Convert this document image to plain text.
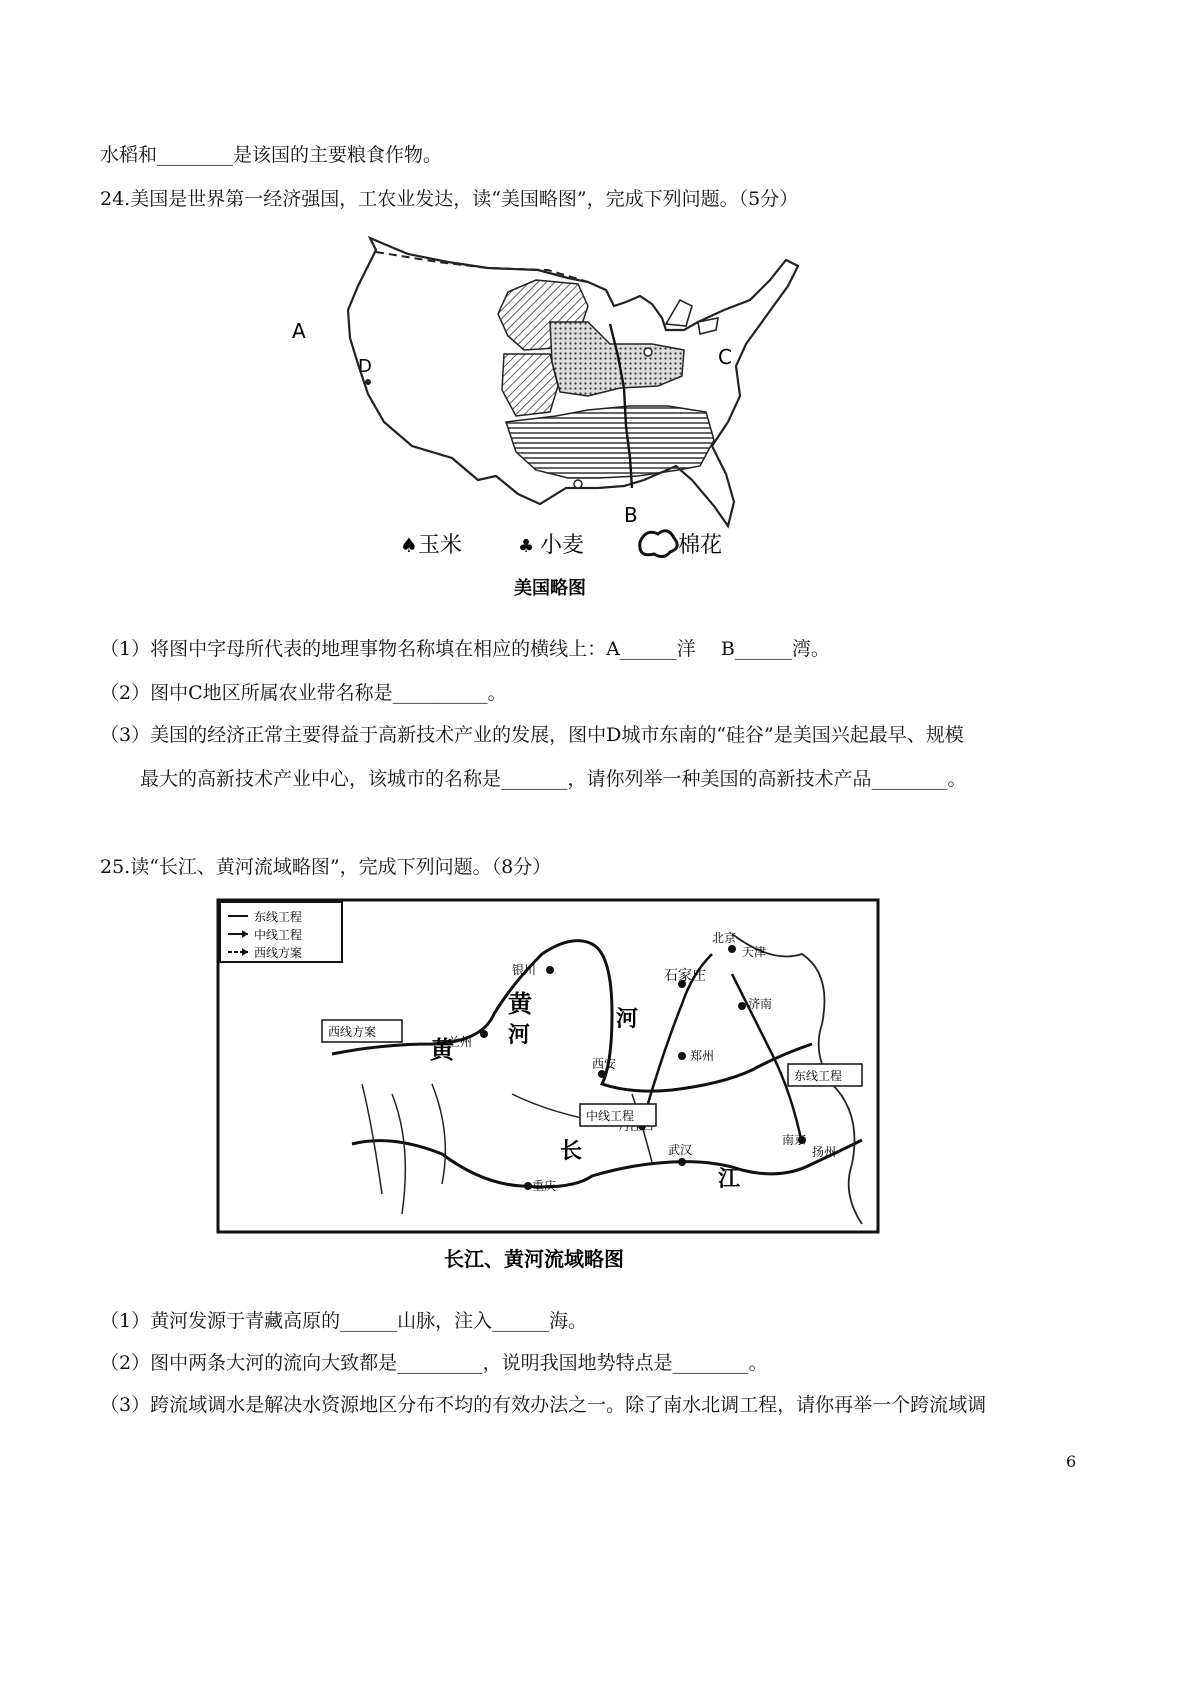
水稻和________是该国的主要粮食作物。
24.美国是世界第一经济强国，工农业发达，读“美国略图”，完成下列问题。（5分）
A
D	C
B
♠ 玉米	♣ 小麦	棉花
美国略图
（1）将图中字母所代表的地理事物名称填在相应的横线上：A______洋　 B______湾。
（2）图中C地区所属农业带名称是__________。
（3）美国的经济正常主要得益于高新技术产业的发展，图中D城市东南的“硅谷”是美国兴起最早、规模
最大的高新技术产业中心，该城市的名称是_______，请你列举一种美国的高新技术产品________。
25.读“长江、黄河流域略图”，完成下列问题。（8分）
东线工程
中线工程
西线方案
北京
天津
石家庄
济南
郑州
西安
兰州
银川
武汉
重庆
南京
扬州
黄
河
黄
河
长
江
西线方案
中线工程
东线工程
长江、黄河流域略图
（1）黄河发源于青藏高原的______山脉，注入______海。
（2）图中两条大河的流向大致都是_________，说明我国地势特点是________。
（3）跨流域调水是解决水资源地区分布不均的有效办法之一。除了南水北调工程，请你再举一个跨流域调
6
